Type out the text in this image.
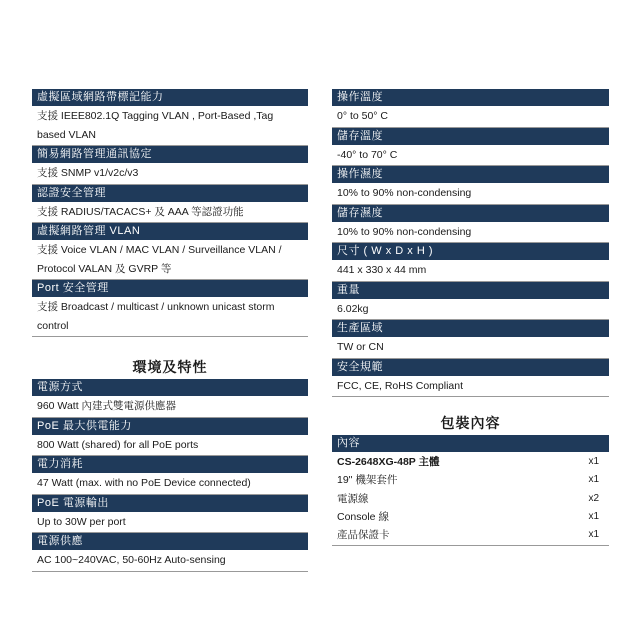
虛擬區域網路帶標記能力
支援 IEEE802.1Q Tagging VLAN , Port-Based ,Tag based VLAN
簡易網路管理通訊協定
支援 SNMP v1/v2c/v3
認證安全管理
支援 RADIUS/TACACS+ 及 AAA 等認證功能
虛擬網路管理 VLAN
支援 Voice VLAN / MAC VLAN / Surveillance VLAN / Protocol VALAN 及 GVRP 等
Port 安全管理
支援 Broadcast / multicast / unknown unicast storm control
環境及特性
電源方式
960 Watt 內建式雙電源供應器
PoE 最大供電能力
800 Watt (shared) for all PoE ports
電力消耗
47 Watt (max. with no PoE Device connected)
PoE 電源輸出
Up to 30W per port
電源供應
AC 100~240VAC, 50-60Hz Auto-sensing
操作溫度
0° to 50° C
儲存溫度
-40° to 70° C
操作濕度
10% to 90% non-condensing
儲存濕度
10% to 90% non-condensing
尺寸 ( W x D x H )
441 x 330 x 44 mm
重量
6.02kg
生產區域
TW or CN
安全規範
FCC, CE, RoHS Compliant
包裝內容
內容
CS-2648XG-48P 主體	x1
19" 機架套件	x1
電源線	x2
Console 線	x1
產品保證卡	x1
